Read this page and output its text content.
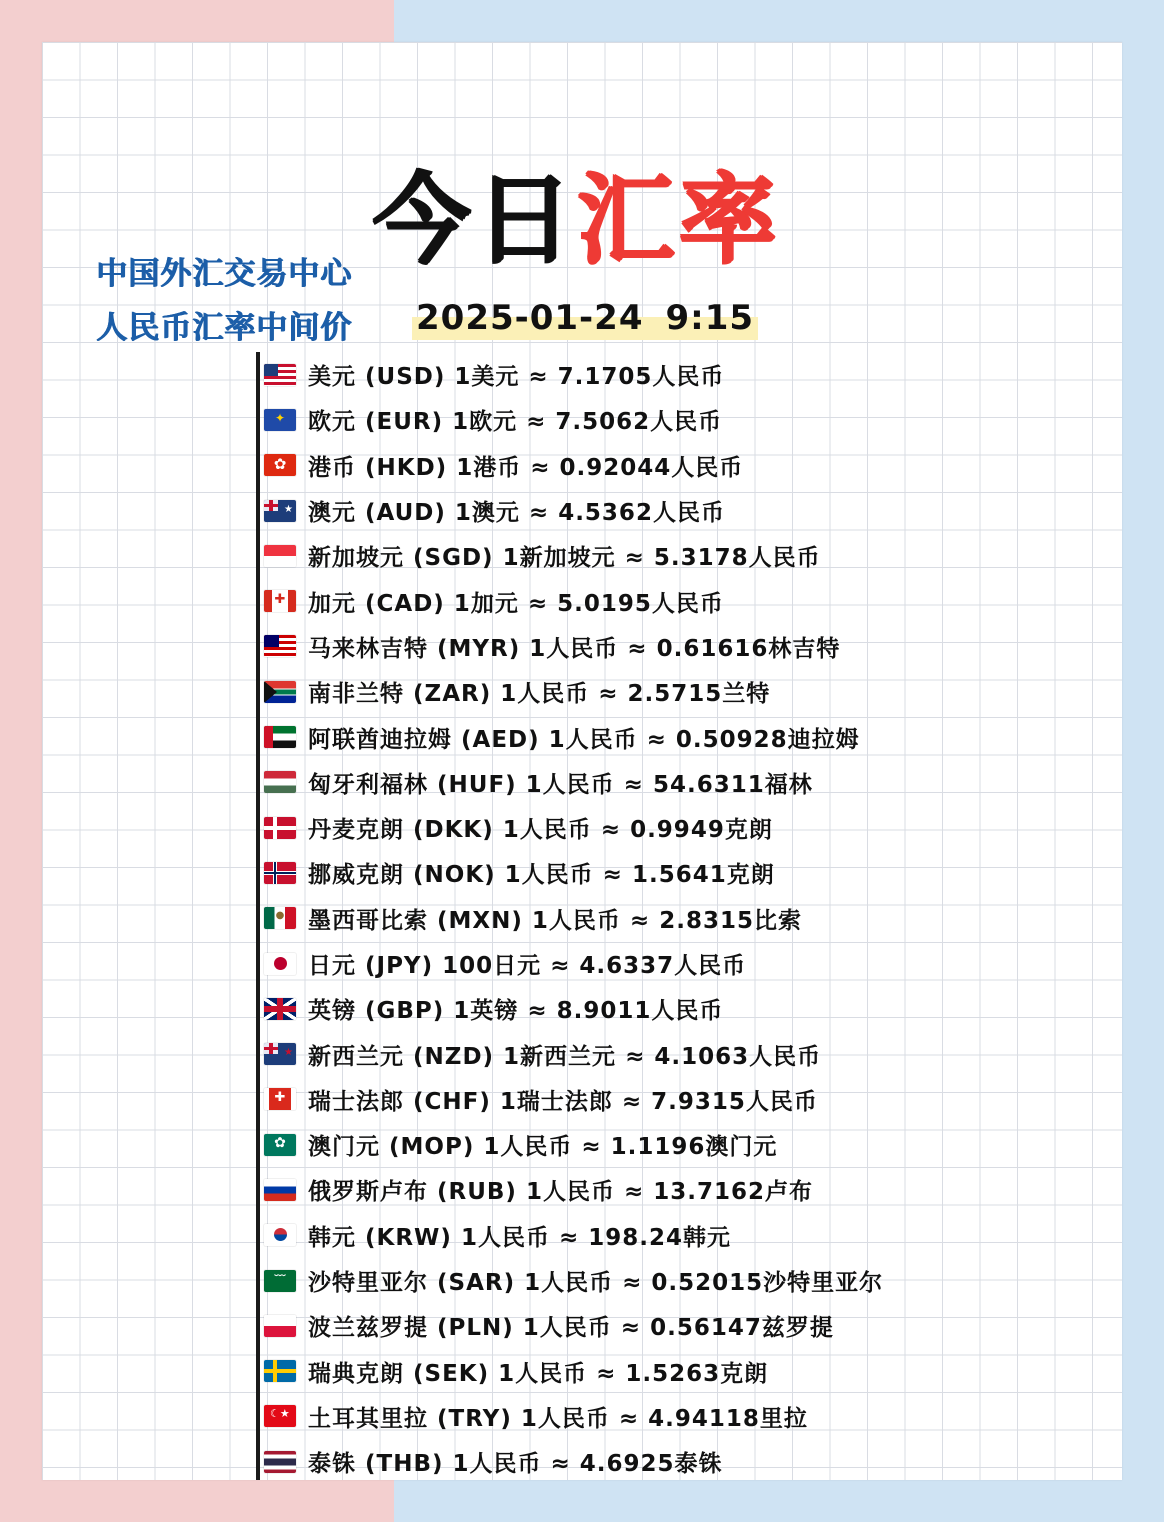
中国外汇交易中心
人民币汇率中间价
今日汇率
2025-01-24 9:15
美元 (USD) 1美元 ≈ 7.1705人民币
✦
欧元 (EUR) 1欧元 ≈ 7.5062人民币
✿
港币 (HKD) 1港币 ≈ 0.92044人民币
★
澳元 (AUD) 1澳元 ≈ 4.5362人民币
新加坡元 (SGD) 1新加坡元 ≈ 5.3178人民币
✚
加元 (CAD) 1加元 ≈ 5.0195人民币
马来林吉特 (MYR) 1人民币 ≈ 0.61616林吉特
南非兰特 (ZAR) 1人民币 ≈ 2.5715兰特
阿联酋迪拉姆 (AED) 1人民币 ≈ 0.50928迪拉姆
匈牙利福林 (HUF) 1人民币 ≈ 54.6311福林
丹麦克朗 (DKK) 1人民币 ≈ 0.9949克朗
挪威克朗 (NOK) 1人民币 ≈ 1.5641克朗
●
墨西哥比索 (MXN) 1人民币 ≈ 2.8315比索
日元 (JPY) 100日元 ≈ 4.6337人民币
英镑 (GBP) 1英镑 ≈ 8.9011人民币
★
新西兰元 (NZD) 1新西兰元 ≈ 4.1063人民币
✚
瑞士法郎 (CHF) 1瑞士法郎 ≈ 7.9315人民币
✿
澳门元 (MOP) 1人民币 ≈ 1.1196澳门元
俄罗斯卢布 (RUB) 1人民币 ≈ 13.7162卢布
韩元 (KRW) 1人民币 ≈ 198.24韩元
﹋
沙特里亚尔 (SAR) 1人民币 ≈ 0.52015沙特里亚尔
波兰兹罗提 (PLN) 1人民币 ≈ 0.56147兹罗提
瑞典克朗 (SEK) 1人民币 ≈ 1.5263克朗
☾★
土耳其里拉 (TRY) 1人民币 ≈ 4.94118里拉
泰铢 (THB) 1人民币 ≈ 4.6925泰铢
